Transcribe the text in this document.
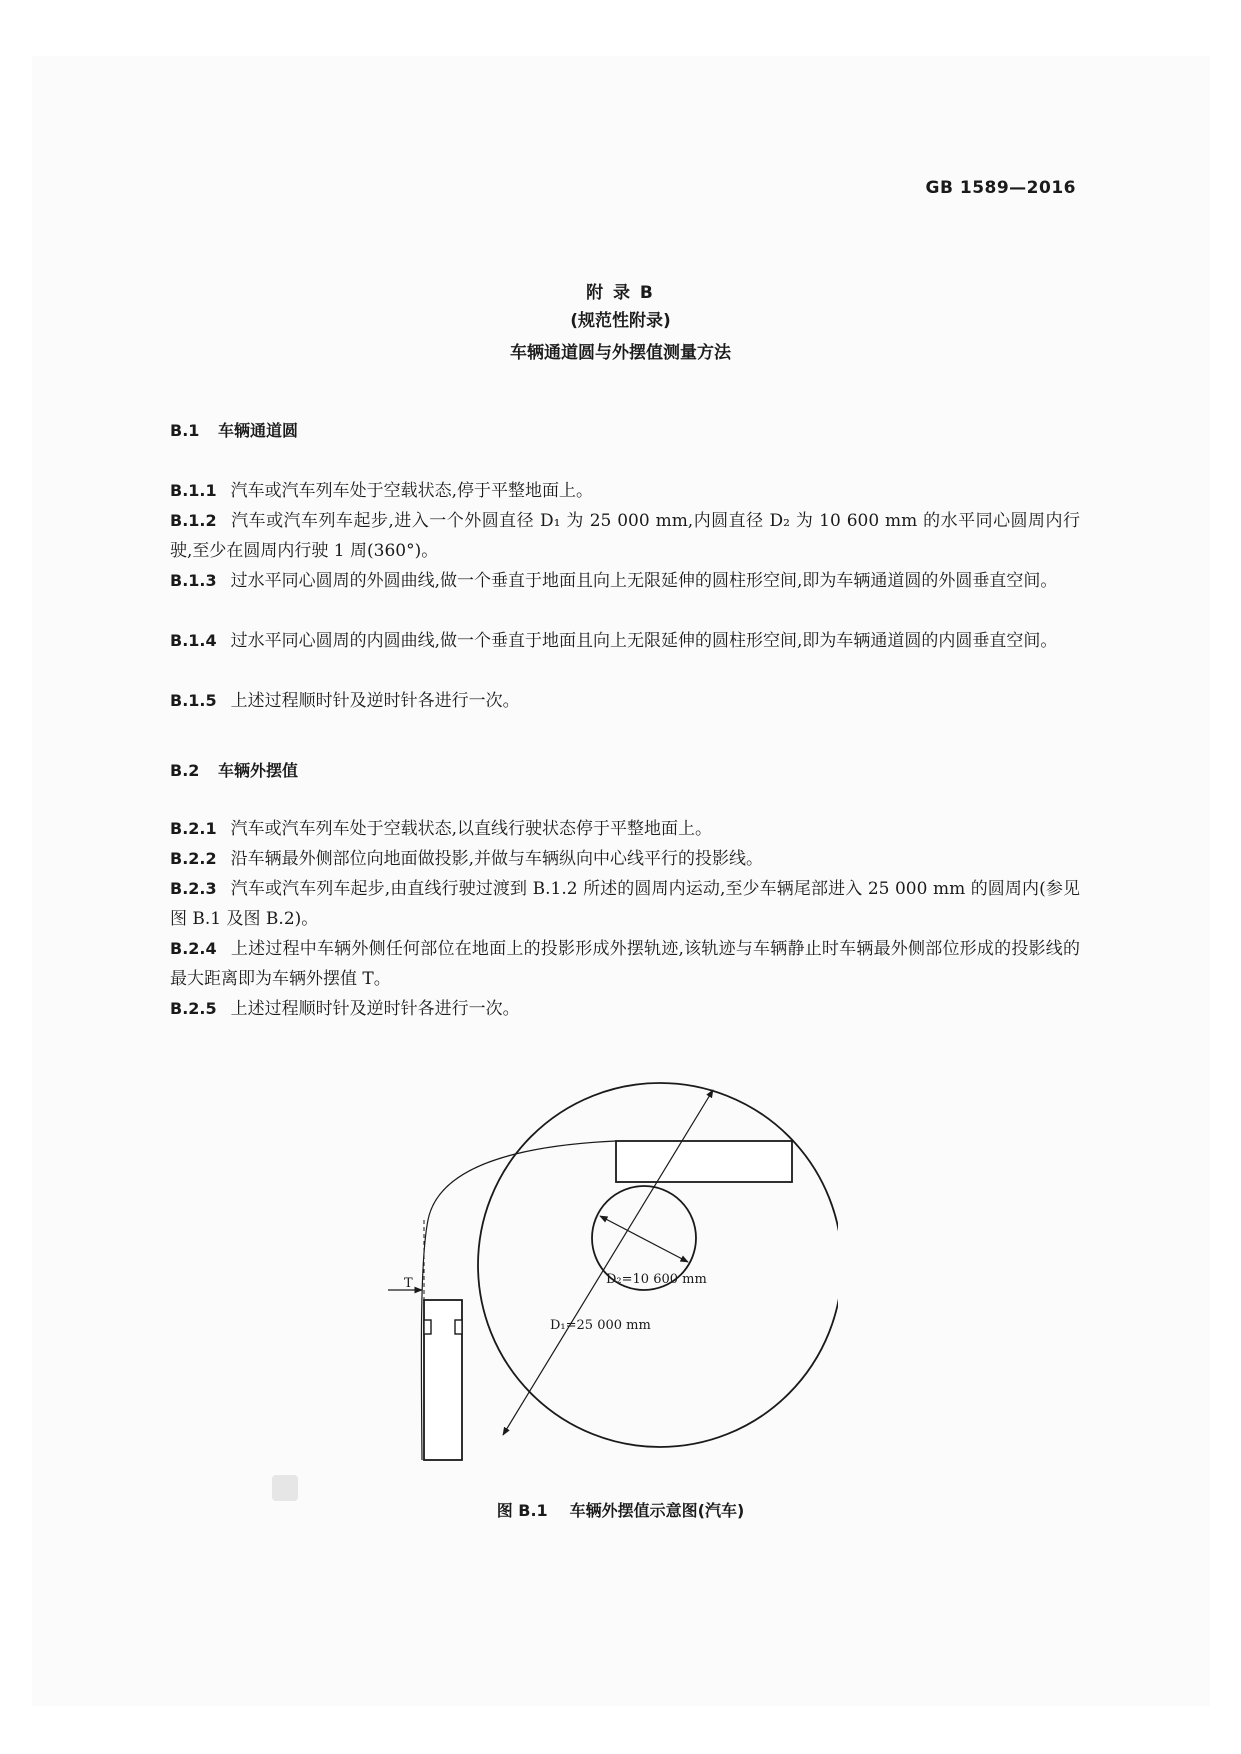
GB 1589—2016
附 录 B
(规范性附录)
车辆通道圆与外摆值测量方法
B.1 车辆通道圆
B.1.1 汽车或汽车列车处于空载状态,停于平整地面上。
B.1.2 汽车或汽车列车起步,进入一个外圆直径 D₁ 为 25 000 mm,内圆直径 D₂ 为 10 600 mm 的水平同心圆周内行驶,至少在圆周内行驶 1 周(360°)。
B.1.3 过水平同心圆周的外圆曲线,做一个垂直于地面且向上无限延伸的圆柱形空间,即为车辆通道圆的外圆垂直空间。
B.1.4 过水平同心圆周的内圆曲线,做一个垂直于地面且向上无限延伸的圆柱形空间,即为车辆通道圆的内圆垂直空间。
B.1.5 上述过程顺时针及逆时针各进行一次。
B.2 车辆外摆值
B.2.1 汽车或汽车列车处于空载状态,以直线行驶状态停于平整地面上。
B.2.2 沿车辆最外侧部位向地面做投影,并做与车辆纵向中心线平行的投影线。
B.2.3 汽车或汽车列车起步,由直线行驶过渡到 B.1.2 所述的圆周内运动,至少车辆尾部进入 25 000 mm 的圆周内(参见图 B.1 及图 B.2)。
B.2.4 上述过程中车辆外侧任何部位在地面上的投影形成外摆轨迹,该轨迹与车辆静止时车辆最外侧部位形成的投影线的最大距离即为车辆外摆值 T。
B.2.5 上述过程顺时针及逆时针各进行一次。
T	D₂=10 600 mm
D₁=25 000 mm
图 B.1 车辆外摆值示意图(汽车)
